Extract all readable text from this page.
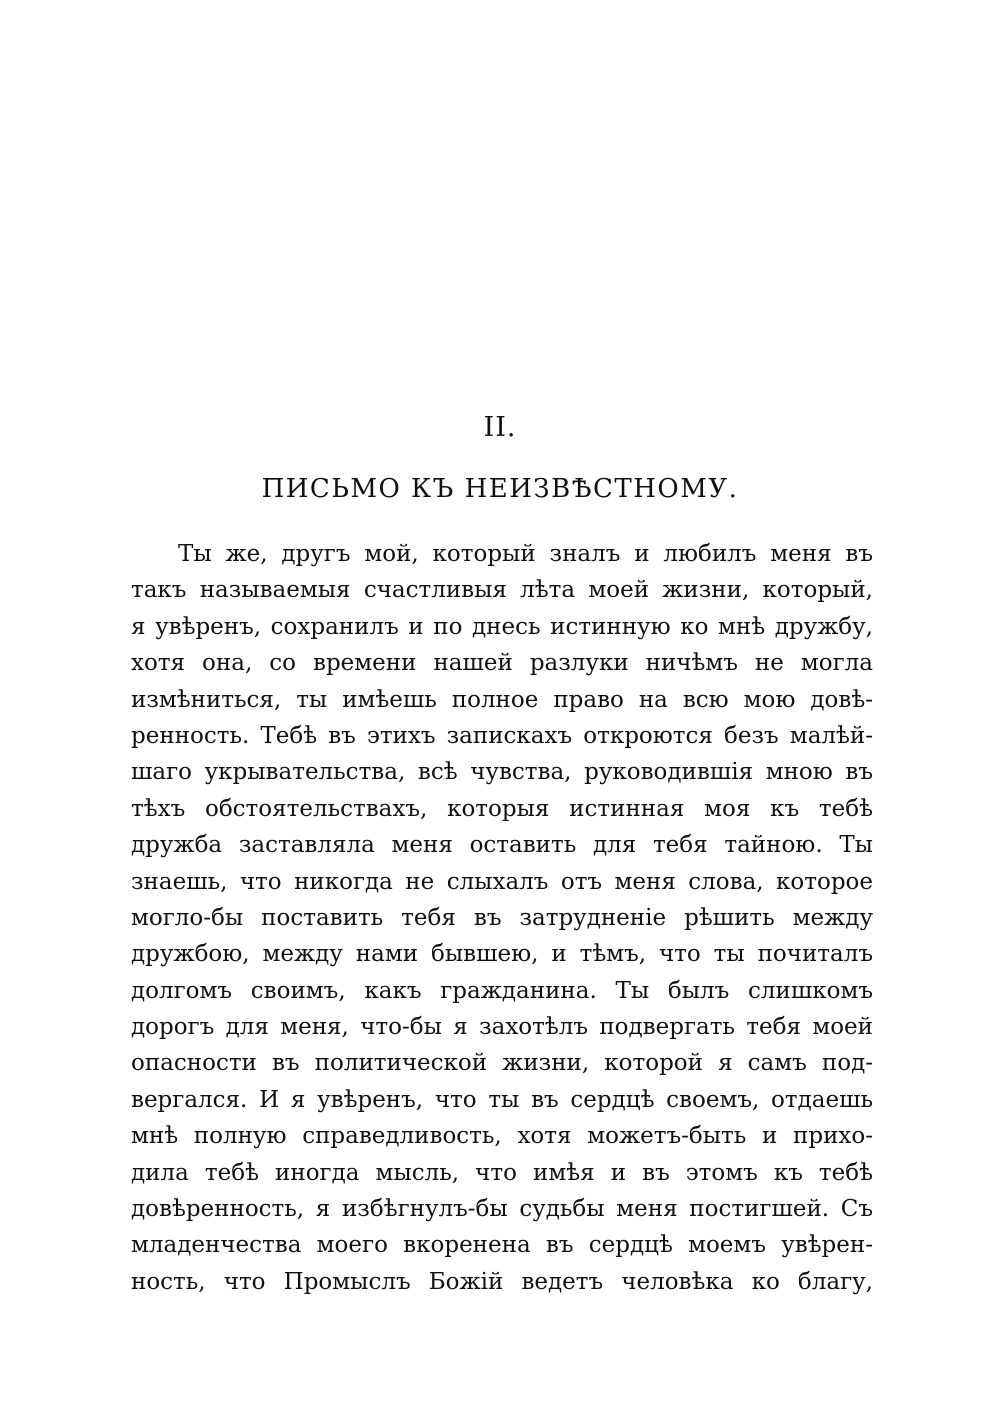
II.
ПИСЬМО КЪ НЕИЗВѢСТНОМУ.
Ты же, другъ мой, который зналъ и любилъ меня въ
такъ называемыя счастливыя лѣта моей жизни, который,
я увѣренъ, сохранилъ и по днесь истинную ко мнѣ дружбу,
хотя она, со времени нашей разлуки ничѣмъ не могла
измѣниться, ты имѣешь полное право на всю мою довѣ-
ренность. Тебѣ въ этихъ запискахъ откроются безъ малѣй-
шаго укрывательства, всѣ чувства, руководившія мною въ
тѣхъ обстоятельствахъ, которыя истинная моя къ тебѣ
дружба заставляла меня оставить для тебя тайною. Ты
знаешь, что никогда не слыхалъ отъ меня слова, которое
могло-бы поставить тебя въ затрудненіе рѣшить между
дружбою, между нами бывшею, и тѣмъ, что ты почиталъ
долгомъ своимъ, какъ гражданина. Ты былъ слишкомъ
дорогъ для меня, что-бы я захотѣлъ подвергать тебя моей
опасности въ политической жизни, которой я самъ под-
вергался. И я увѣренъ, что ты въ сердцѣ своемъ, отдаешь
мнѣ полную справедливость, хотя можетъ-быть и прихо-
дила тебѣ иногда мысль, что имѣя и въ этомъ къ тебѣ
довѣренность, я избѣгнулъ-бы судьбы меня постигшей. Съ
младенчества моего вкоренена въ сердцѣ моемъ увѣрен-
ность, что Промыслъ Божій ведетъ человѣка ко благу,
